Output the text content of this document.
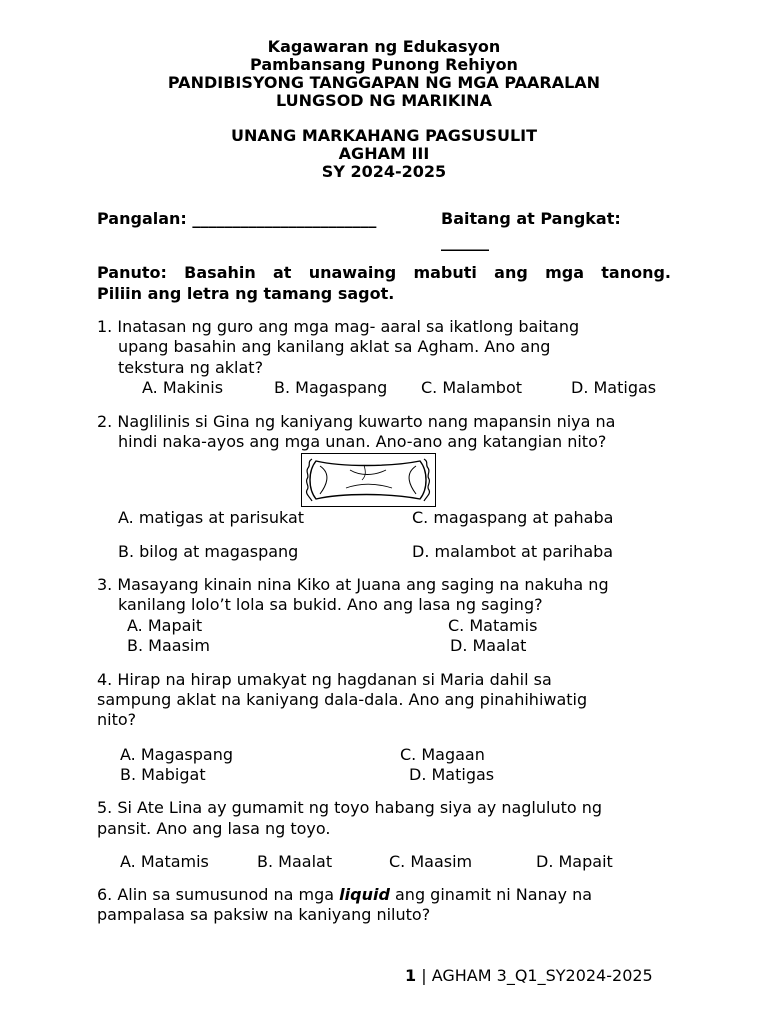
Kagawaran ng Edukasyon
Pambansang Punong Rehiyon
PANDIBISYONG TANGGAPAN NG MGA PAARALAN
LUNGSOD NG MARIKINA
UNANG MARKAHANG PAGSUSULIT
AGHAM III
SY 2024-2025
Pangalan: _______________________	Baitang at Pangkat:
______
Panuto: Basahin at unawaing mabuti ang mga tanong.
Piliin ang letra ng tamang sagot.
1. Inatasan ng guro ang mga mag- aaral sa ikatlong baitang
upang basahin ang kanilang aklat sa Agham. Ano ang
tekstura ng aklat?
A. Makinis	B. Magaspang C. Malambot	D. Matigas
2. Naglilinis si Gina ng kaniyang kuwarto nang mapansin niya na
hindi naka-ayos ang mga unan. Ano-ano ang katangian nito?
A. matigas at parisukat	C. magaspang at pahaba
B. bilog at magaspang	D. malambot at parihaba
3. Masayang kinain nina Kiko at Juana ang saging na nakuha ng
kanilang lolo’t lola sa bukid. Ano ang lasa ng saging?
A. Mapait	C. Matamis
B. Maasim	D. Maalat
4. Hirap na hirap umakyat ng hagdanan si Maria dahil sa
sampung aklat na kaniyang dala-dala. Ano ang pinahihiwatig
nito?
A. Magaspang	C. Magaan
B. Mabigat	D. Matigas
5. Si Ate Lina ay gumamit ng toyo habang siya ay nagluluto ng
pansit. Ano ang lasa ng toyo.
A. Matamis	B. Maalat	C. Maasim	D. Mapait
6. Alin sa sumusunod na mga liquid ang ginamit ni Nanay na
pampalasa sa paksiw na kaniyang niluto?
1 | AGHAM 3_Q1_SY2024-2025
